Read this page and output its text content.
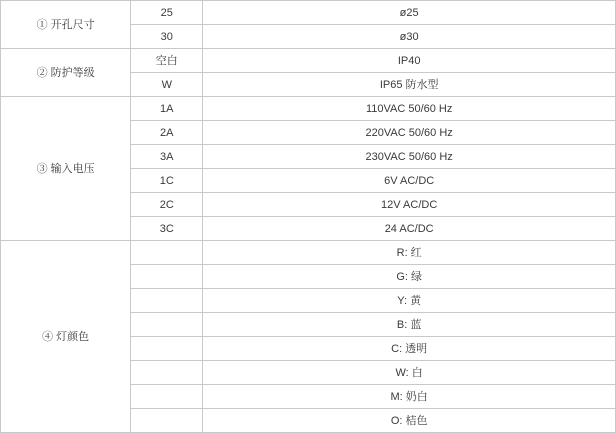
① 开孔尺寸	25	ø25
	30	ø30
② 防护等级	空白	IP40
	W	IP65 防水型
③ 输入电压	1A	110VAC 50/60 Hz
	2A	220VAC 50/60 Hz
	3A	230VAC 50/60 Hz
	1C	6V AC/DC
	2C	12V AC/DC
	3C	24 AC/DC
④ 灯颜色		R: 红
		G: 绿
		Y: 黄
		B: 蓝
		C: 透明
		W: 白
		M: 奶白
		O: 桔色
